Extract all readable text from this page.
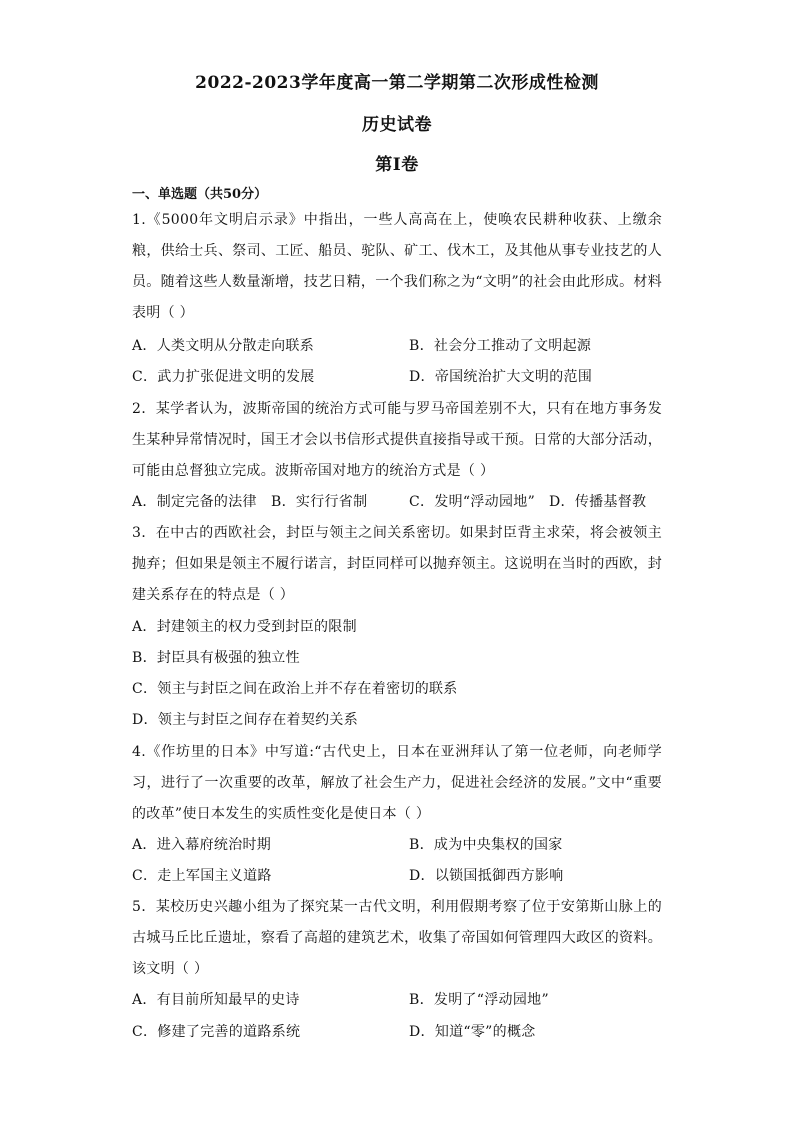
2022-2023学年度高一第二学期第二次形成性检测
历史试卷
第I卷
一、单选题（共50分）
1.《5000年文明启示录》中指出，一些人高高在上，使唤农民耕种收获、上缴余粮，供给士兵、祭司、工匠、船员、驼队、矿工、伐木工，及其他从事专业技艺的人员。随着这些人数量渐增，技艺日精，一个我们称之为“文明”的社会由此形成。材料表明（ ）
A．人类文明从分散走向联系	B．社会分工推动了文明起源
C．武力扩张促进文明的发展	D．帝国统治扩大文明的范围
2．某学者认为，波斯帝国的统治方式可能与罗马帝国差别不大，只有在地方事务发生某种异常情况时，国王才会以书信形式提供直接指导或干预。日常的大部分活动，可能由总督独立完成。波斯帝国对地方的统治方式是（ ）
A．制定完备的法律 B．实行行省制	C．发明“浮动园地” D．传播基督教
3．在中古的西欧社会，封臣与领主之间关系密切。如果封臣背主求荣，将会被领主抛弃；但如果是领主不履行诺言，封臣同样可以抛弃领主。这说明在当时的西欧，封建关系存在的特点是（ ）
A．封建领主的权力受到封臣的限制
B．封臣具有极强的独立性
C．领主与封臣之间在政治上并不存在着密切的联系
D．领主与封臣之间存在着契约关系
4.《作坊里的日本》中写道:“古代史上，日本在亚洲拜认了第一位老师，向老师学习，进行了一次重要的改革，解放了社会生产力，促进社会经济的发展。”文中“重要的改革”使日本发生的实质性变化是使日本（ ）
A．进入幕府统治时期	B．成为中央集权的国家
C．走上军国主义道路	D．以锁国抵御西方影响
5．某校历史兴趣小组为了探究某一古代文明，利用假期考察了位于安第斯山脉上的古城马丘比丘遗址，察看了高超的建筑艺术，收集了帝国如何管理四大政区的资料。该文明（ ）
A．有目前所知最早的史诗	B．发明了“浮动园地”
C．修建了完善的道路系统	D．知道“零”的概念
